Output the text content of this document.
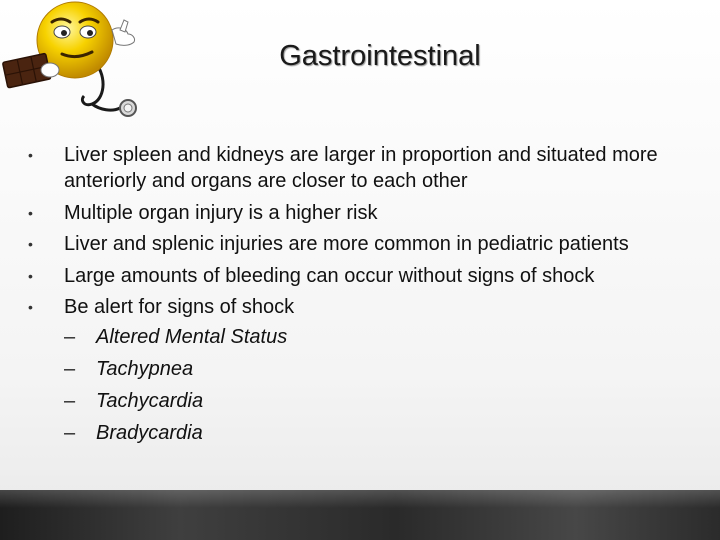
Gastrointestinal
• Liver spleen and kidneys are larger in proportion and situated more anteriorly and organs are closer to each other
• Multiple organ injury is a higher risk
• Liver and splenic injuries are more common in pediatric patients
• Large amounts of bleeding can occur without signs of shock
• Be alert for signs of shock
– Altered Mental Status
– Tachypnea
– Tachycardia
– Bradycardia
